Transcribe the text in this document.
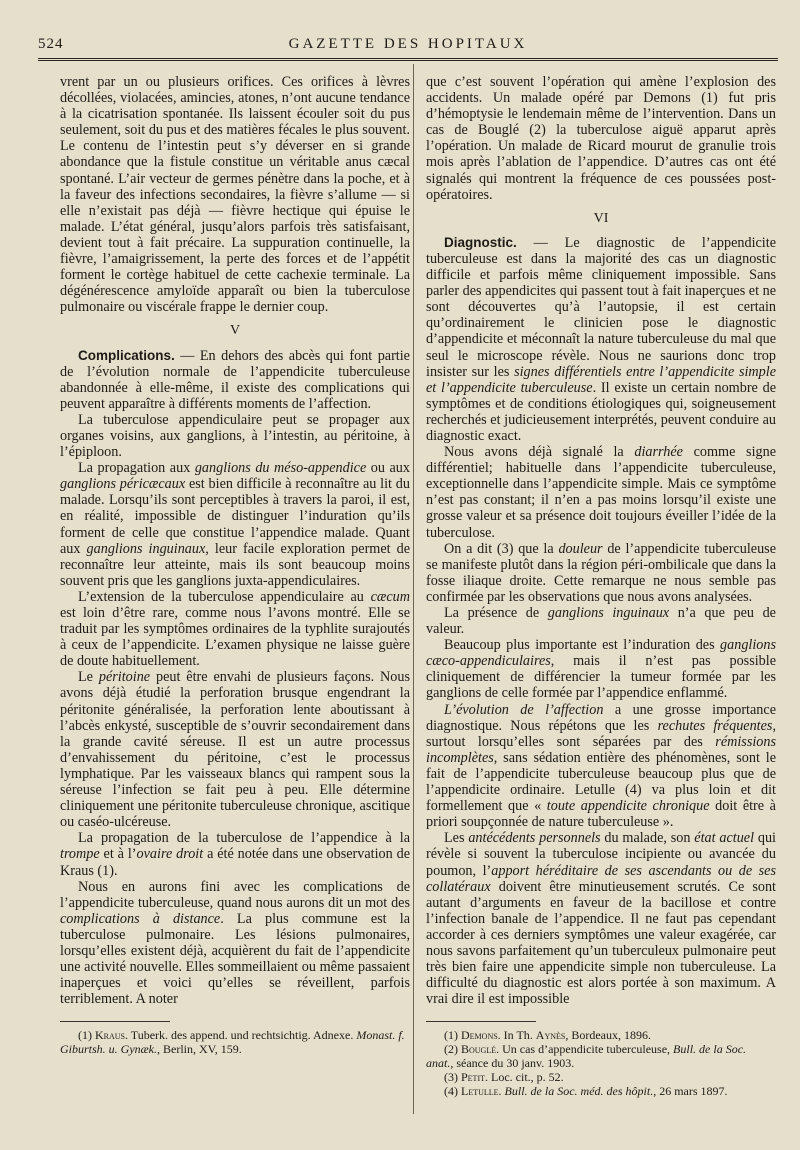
524	GAZETTE DES HOPITAUX

vrent par un ou plusieurs orifices. Ces orifices à lèvres décollées, violacées, amincies, atones, n’ont aucune tendance à la cicatrisation spontanée. Ils laissent écouler soit du pus seulement, soit du pus et des matières fécales le plus souvent. Le contenu de l’intestin peut s’y déverser en si grande abondance que la fistule constitue un véritable anus cæcal spontané. L’air vecteur de germes pénètre dans la poche, et à la faveur des infections secondaires, la fièvre s’allume — si elle n’existait pas déjà — fièvre hectique qui épuise le malade. L’état général, jusqu’alors parfois très satisfaisant, devient tout à fait précaire. La suppuration continuelle, la fièvre, l’amaigrissement, la perte des forces et de l’appétit forment le cortège habituel de cette cachexie terminale. La dégénérescence amyloïde apparaît ou bien la tuberculose pulmonaire ou viscérale frappe le dernier coup.

V

Complications. — En dehors des abcès qui font partie de l’évolution normale de l’appendicite tuberculeuse abandonnée à elle-même, il existe des complications qui peuvent apparaître à différents moments de l’affection.

La tuberculose appendiculaire peut se propager aux organes voisins, aux ganglions, à l’intestin, au péritoine, à l’épiploon.

La propagation aux ganglions du méso-appendice ou aux ganglions péricæcaux est bien difficile à reconnaître au lit du malade. Lorsqu’ils sont perceptibles à travers la paroi, il est, en réalité, impossible de distinguer l’induration qu’ils forment de celle que constitue l’appendice malade. Quant aux ganglions inguinaux, leur facile exploration permet de reconnaître leur atteinte, mais ils sont beaucoup moins souvent pris que les ganglions juxta-appendiculaires.

L’extension de la tuberculose appendiculaire au cæcum est loin d’être rare, comme nous l’avons montré. Elle se traduit par les symptômes ordinaires de la typhlite surajoutés à ceux de l’appendicite. L’examen physique ne laisse guère de doute habituellement.

Le péritoine peut être envahi de plusieurs façons. Nous avons déjà étudié la perforation brusque engendrant la péritonite généralisée, la perforation lente aboutissant à l’abcès enkysté, susceptible de s’ouvrir secondairement dans la grande cavité séreuse. Il est un autre processus d’envahissement du péritoine, c’est le processus lymphatique. Par les vaisseaux blancs qui rampent sous la séreuse l’infection se fait peu à peu. Elle détermine cliniquement une péritonite tuberculeuse chronique, ascitique ou caséo-ulcéreuse.

La propagation de la tuberculose de l’appendice à la trompe et à l’ovaire droit a été notée dans une observation de Kraus (1).

Nous en aurons fini avec les complications de l’appendicite tuberculeuse, quand nous aurons dit un mot des complications à distance. La plus commune est la tuberculose pulmonaire. Les lésions pulmonaires, lorsqu’elles existent déjà, acquièrent du fait de l’appendicite une activité nouvelle. Elles sommeillaient ou même passaient inaperçues et voici qu’elles se réveillent, parfois terriblement. A noter

(1) Kraus. Tuberk. des append. und rechtsichtig. Adnexe. Monast. f. Giburtsh. u. Gynæk., Berlin, XV, 159.

que c’est souvent l’opération qui amène l’explosion des accidents. Un malade opéré par Demons (1) fut pris d’hémoptysie le lendemain même de l’intervention. Dans un cas de Bouglé (2) la tuberculose aiguë apparut après l’opération. Un malade de Ricard mourut de granulie trois mois après l’ablation de l’appendice. D’autres cas ont été signalés qui montrent la fréquence de ces poussées post-opératoires.

VI

Diagnostic. — Le diagnostic de l’appendicite tuberculeuse est dans la majorité des cas un diagnostic difficile et parfois même cliniquement impossible. Sans parler des appendicites qui passent tout à fait inaperçues et ne sont découvertes qu’à l’autopsie, il est certain qu’ordinairement le clinicien pose le diagnostic d’appendicite et méconnaît la nature tuberculeuse du mal que seul le microscope révèle. Nous ne saurions donc trop insister sur les signes différentiels entre l’appendicite simple et l’appendicite tuberculeuse. Il existe un certain nombre de symptômes et de conditions étiologiques qui, soigneusement recherchés et judicieusement interprétés, peuvent conduire au diagnostic exact.

Nous avons déjà signalé la diarrhée comme signe différentiel; habituelle dans l’appendicite tuberculeuse, exceptionnelle dans l’appendicite simple. Mais ce symptôme n’est pas constant; il n’en a pas moins lorsqu’il existe une grosse valeur et sa présence doit toujours éveiller l’idée de la tuberculose.

On a dit (3) que la douleur de l’appendicite tuberculeuse se manifeste plutôt dans la région péri-ombilicale que dans la fosse iliaque droite. Cette remarque ne nous semble pas confirmée par les observations que nous avons analysées.

La présence de ganglions inguinaux n’a que peu de valeur.

Beaucoup plus importante est l’induration des ganglions cæco-appendiculaires, mais il n’est pas possible cliniquement de différencier la tumeur formée par les ganglions de celle formée par l’appendice enflammé.

L’évolution de l’affection a une grosse importance diagnostique. Nous répétons que les rechutes fréquentes, surtout lorsqu’elles sont séparées par des rémissions incomplètes, sans sédation entière des phénomènes, sont le fait de l’appendicite tuberculeuse beaucoup plus que de l’appendicite ordinaire. Letulle (4) va plus loin et dit formellement que « toute appendicite chronique doit être à priori soupçonnée de nature tuberculeuse ».

Les antécédents personnels du malade, son état actuel qui révèle si souvent la tuberculose incipiente ou avancée du poumon, l’apport héréditaire de ses ascendants ou de ses collatéraux doivent être minutieusement scrutés. Ce sont autant d’arguments en faveur de la bacillose et contre l’infection banale de l’appendice. Il ne faut pas cependant accorder à ces derniers symptômes une valeur exagérée, car nous savons parfaitement qu’un tuberculeux pulmonaire peut très bien faire une appendicite simple non tuberculeuse. La difficulté du diagnostic est alors portée à son maximum. A vrai dire il est impossible

(1) Demons. In Th. Aynès, Bordeaux, 1896.

(2) Bouglé. Un cas d’appendicite tuberculeuse, Bull. de la Soc. anat., séance du 30 janv. 1903.

(3) Petit. Loc. cit., p. 52.

(4) Letulle. Bull. de la Soc. méd. des hôpit., 26 mars 1897.
